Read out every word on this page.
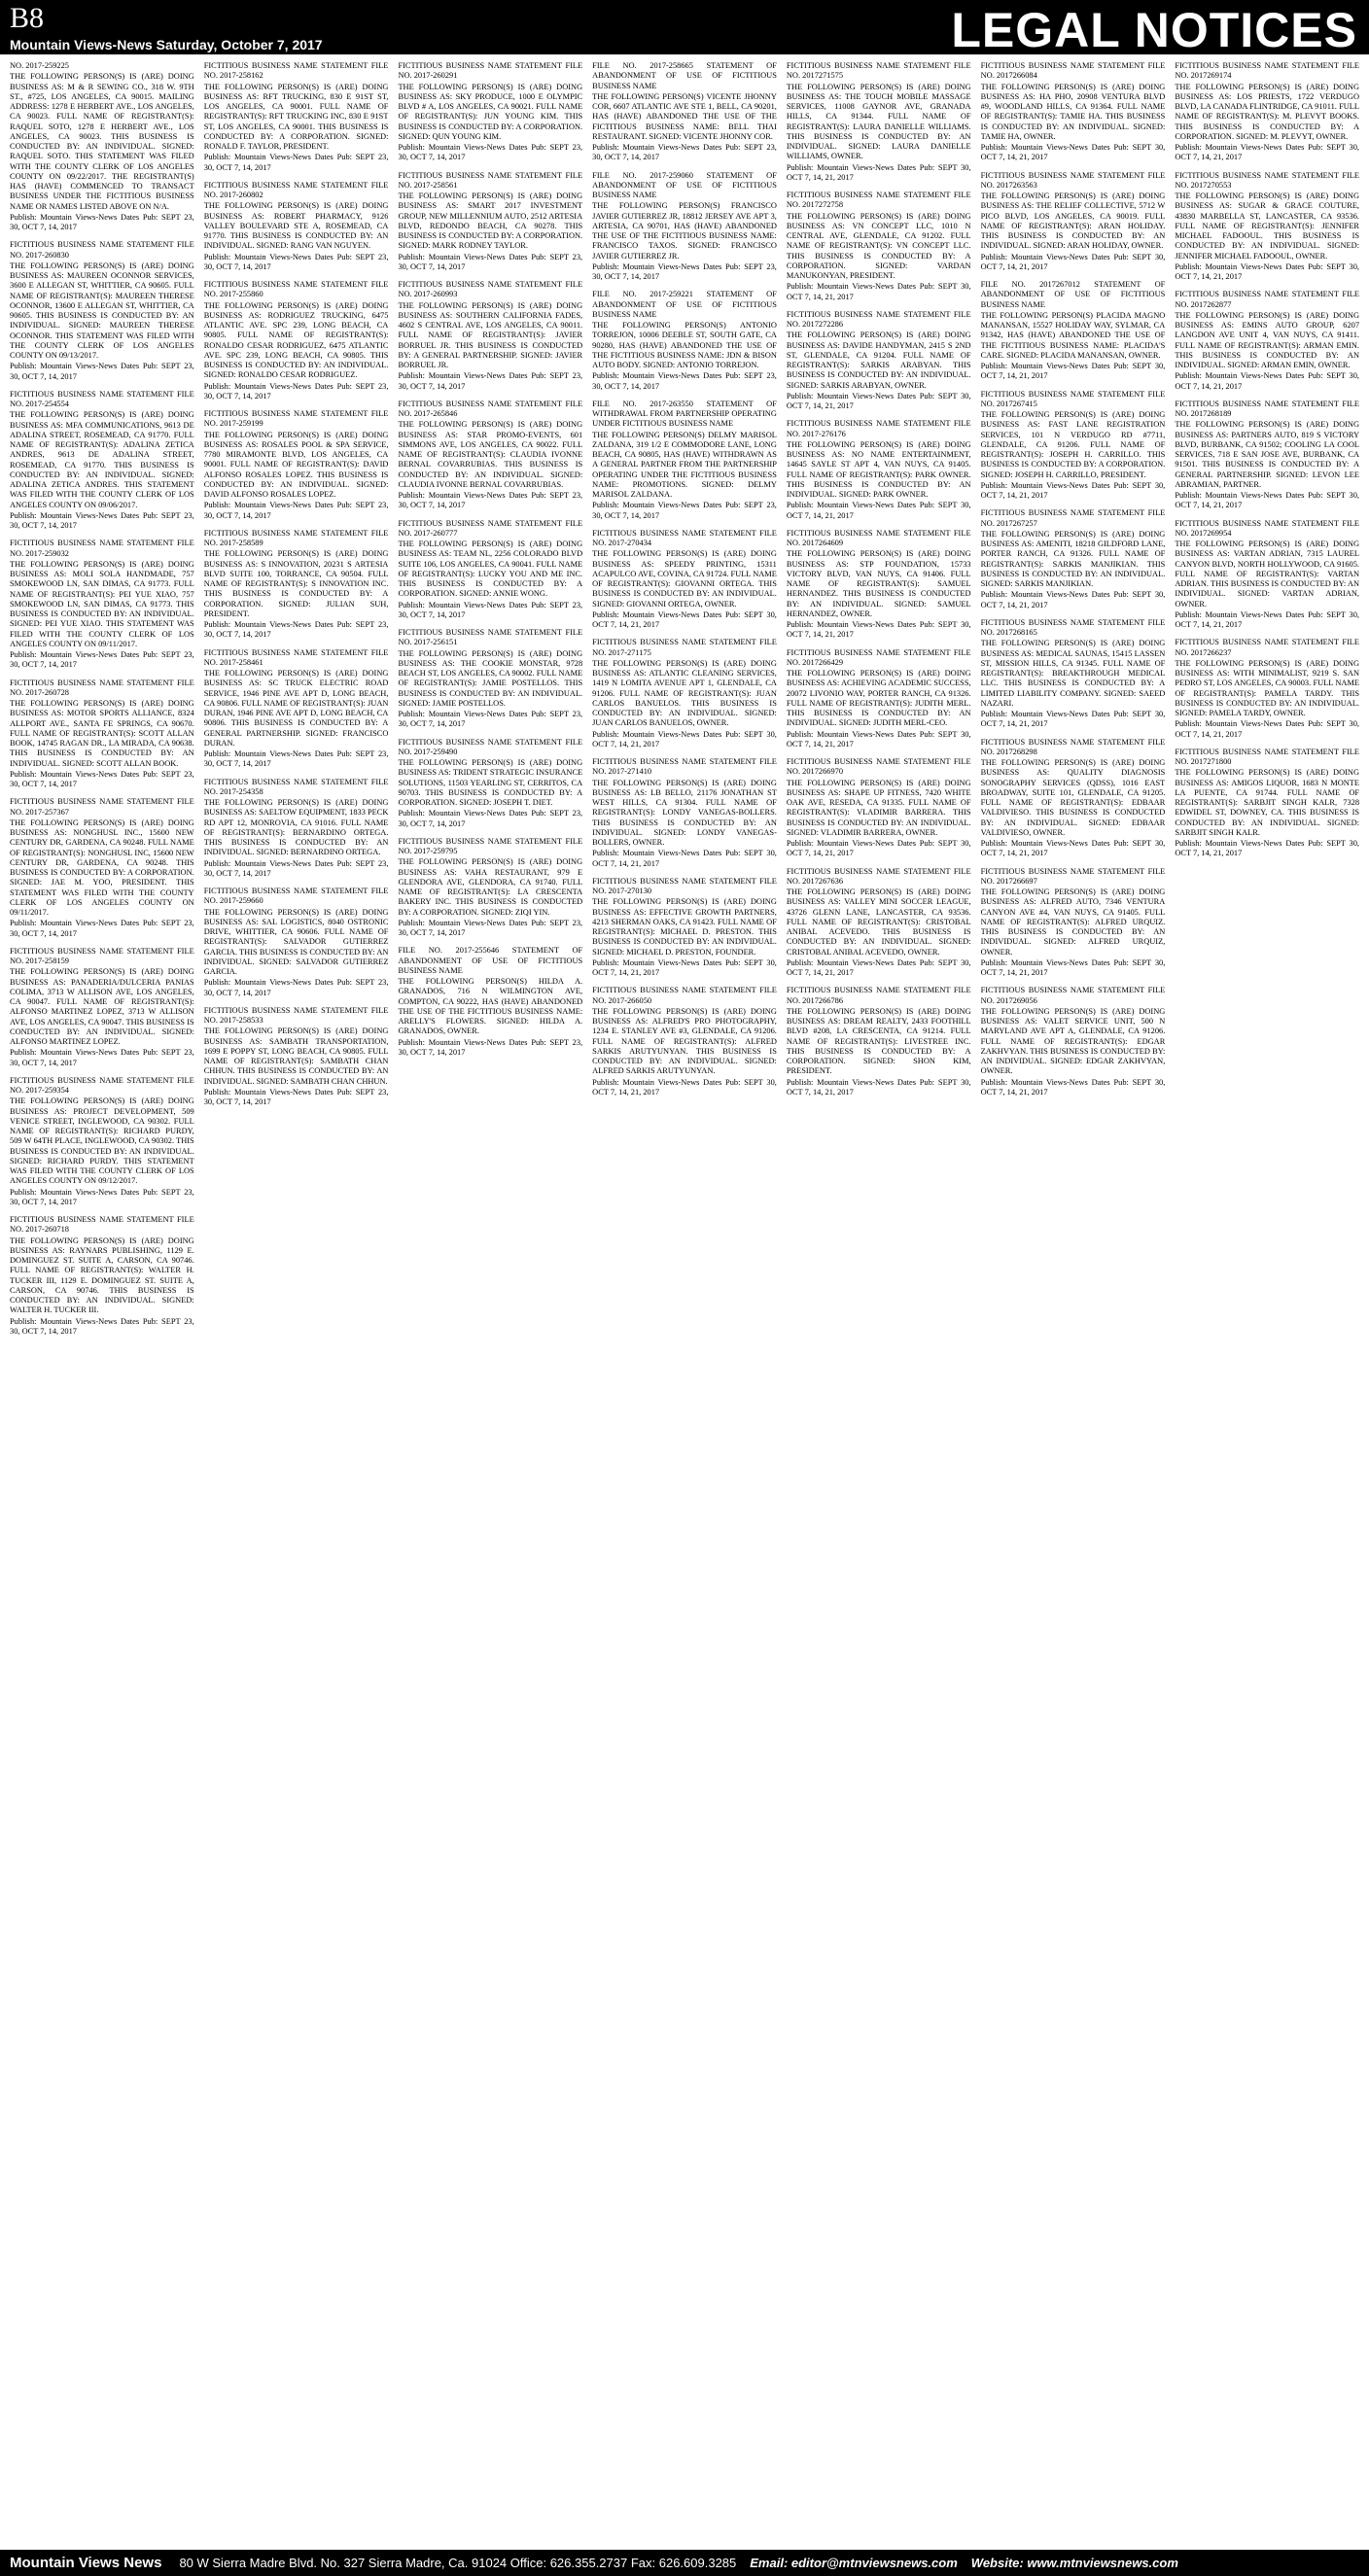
B8
Mountain Views-News Saturday, October 7, 2017	LEGAL NOTICES
NO. 2017-259225
THE FOLLOWING PERSON(S) IS (ARE) DOING BUSINESS AS: M & R SEWING CO., 318 W. 9TH ST., #725, LOS ANGELES, CA 90015. MAILING ADDRESS: 1278 E HERBERT AVE., LOS ANGELES, CA 90023. FULL NAME OF REGISTRANT(S): RAQUEL SOTO, 1278 E HERBERT AVE., LOS ANGELES, CA 90023. THIS BUSINESS IS CONDUCTED BY: AN INDIVIDUAL. SIGNED: RAQUEL SOTO. THIS STATEMENT WAS FILED WITH THE COUNTY CLERK OF LOS ANGELES COUNTY ON 09/22/2017. THE REGISTRANT(S) HAS (HAVE) COMMENCED TO TRANSACT BUSINESS UNDER THE FICTITIOUS BUSINESS NAME OR NAMES LISTED ABOVE ON N/A.
Publish: Mountain Views-News Dates Pub: SEPT 23, 30, OCT 7, 14, 2017
FICTITIOUS BUSINESS NAME STATEMENT FILE NO. 2017-260830
THE FOLLOWING PERSON(S) IS (ARE) DOING BUSINESS AS: MAUREEN OCONNOR SERVICES, 3600 E ALLEGAN ST, WHITTIER, CA 90605. FULL NAME OF REGISTRANT(S): MAUREEN THERESE OCONNOR, 13600 E ALLEGAN ST, WHITTIER, CA 90605. THIS BUSINESS IS CONDUCTED BY: AN INDIVIDUAL. SIGNED: MAUREEN THERESE OCONNOR. THIS STATEMENT WAS FILED WITH THE COUNTY CLERK OF LOS ANGELES COUNTY ON 09/13/2017.
Publish: Mountain Views-News Dates Pub: SEPT 23, 30, OCT 7, 14, 2017
FICTITIOUS BUSINESS NAME STATEMENT FILE NO. 2017-254554
THE FOLLOWING PERSON(S) IS (ARE) DOING BUSINESS AS: MFA COMMUNICATIONS, 9613 DE ADALINA STREET, ROSEMEAD, CA 91770. FULL NAME OF REGISTRANT(S): ADALINA ZETICA ANDRES, 9613 DE ADALINA STREET, ROSEMEAD, CA 91770. THIS BUSINESS IS CONDUCTED BY: AN INDIVIDUAL. SIGNED: ADALINA ZETICA ANDRES. THIS STATEMENT WAS FILED WITH THE COUNTY CLERK OF LOS ANGELES COUNTY ON 09/06/2017.
Publish: Mountain Views-News Dates Pub: SEPT 23, 30, OCT 7, 14, 2017
FICTITIOUS BUSINESS NAME STATEMENT FILE NO. 2017-259032
THE FOLLOWING PERSON(S) IS (ARE) DOING BUSINESS AS: MOLI SOLA HANDMADE, 757 SMOKEWOOD LN, SAN DIMAS, CA 91773. FULL NAME OF REGISTRANT(S): PEI YUE XIAO, 757 SMOKEWOOD LN, SAN DIMAS, CA 91773. THIS BUSINESS IS CONDUCTED BY: AN INDIVIDUAL. SIGNED: PEI YUE XIAO. THIS STATEMENT WAS FILED WITH THE COUNTY CLERK OF LOS ANGELES COUNTY ON 09/11/2017.
Publish: Mountain Views-News Dates Pub: SEPT 23, 30, OCT 7, 14, 2017
FICTITIOUS BUSINESS NAME STATEMENT FILE NO. 2017-260728
THE FOLLOWING PERSON(S) IS (ARE) DOING BUSINESS AS: MOTOR SPORTS ALLIANCE, 8324 ALLPORT AVE., SANTA FE SPRINGS, CA 90670. FULL NAME OF REGISTRANT(S): SCOTT ALLAN BOOK, 14745 RAGAN DR., LA MIRADA, CA 90638. THIS BUSINESS IS CONDUCTED BY: AN INDIVIDUAL. SIGNED: SCOTT ALLAN BOOK.
Publish: Mountain Views-News Dates Pub: SEPT 23, 30, OCT 7, 14, 2017
FICTITIOUS BUSINESS NAME STATEMENT FILE NO. 2017-257367
THE FOLLOWING PERSON(S) IS (ARE) DOING BUSINESS AS: NONGHUSL INC., 15600 NEW CENTURY DR, GARDENA, CA 90248. FULL NAME OF REGISTRANT(S): NONGHUSL INC, 15600 NEW CENTURY DR, GARDENA, CA 90248. THIS BUSINESS IS CONDUCTED BY: A CORPORATION. SIGNED: JAE M. YOO, PRESIDENT. THIS STATEMENT WAS FILED WITH THE COUNTY CLERK OF LOS ANGELES COUNTY ON 09/11/2017.
Publish: Mountain Views-News Dates Pub: SEPT 23, 30, OCT 7, 14, 2017
FICTITIOUS BUSINESS NAME STATEMENT FILE NO. 2017-258159
THE FOLLOWING PERSON(S) IS (ARE) DOING BUSINESS AS: PANADERIA/DULCERIA PANIAS COLIMA, 3713 W ALLISON AVE, LOS ANGELES, CA 90047. FULL NAME OF REGISTRANT(S): ALFONSO MARTINEZ LOPEZ, 3713 W ALLISON AVE, LOS ANGELES, CA 90047. THIS BUSINESS IS CONDUCTED BY: AN INDIVIDUAL. SIGNED: ALFONSO MARTINEZ LOPEZ.
Publish: Mountain Views-News Dates Pub: SEPT 23, 30, OCT 7, 14, 2017
FICTITIOUS BUSINESS NAME STATEMENT FILE NO. 2017-259354
THE FOLLOWING PERSON(S) IS (ARE) DOING BUSINESS AS: PROJECT DEVELOPMENT, 509 VENICE STREET, INGLEWOOD, CA 90302. FULL NAME OF REGISTRANT(S): RICHARD PURDY, 509 W 64TH PLACE, INGLEWOOD, CA 90302. THIS BUSINESS IS CONDUCTED BY: AN INDIVIDUAL. SIGNED: RICHARD PURDY. THIS STATEMENT WAS FILED WITH THE COUNTY CLERK OF LOS ANGELES COUNTY ON 09/12/2017.
Publish: Mountain Views-News Dates Pub: SEPT 23, 30, OCT 7, 14, 2017
FICTITIOUS BUSINESS NAME STATEMENT FILE NO. 2017-260718
THE FOLLOWING PERSON(S) IS (ARE) DOING BUSINESS AS: RAYNARS PUBLISHING, 1129 E. DOMINGUEZ ST. SUITE A, CARSON, CA 90746. FULL NAME OF REGISTRANT(S): WALTER H. TUCKER III, 1129 E. DOMINGUEZ ST. SUITE A, CARSON, CA 90746. THIS BUSINESS IS CONDUCTED BY: AN INDIVIDUAL. SIGNED: WALTER H. TUCKER III.
Publish: Mountain Views-News Dates Pub: SEPT 23, 30, OCT 7, 14, 2017
FICTITIOUS BUSINESS NAME STATEMENT FILE NO. 2017-258162
THE FOLLOWING PERSON(S) IS (ARE) DOING BUSINESS AS: RFT TRUCKING, 830 E 91ST ST, LOS ANGELES, CA 90001. FULL NAME OF REGISTRANT(S): RFT TRUCKING INC, 830 E 91ST ST, LOS ANGELES, CA 90001. THIS BUSINESS IS CONDUCTED BY: A CORPORATION. SIGNED: RONALD F. TAYLOR, PRESIDENT.
Publish: Mountain Views-News Dates Pub: SEPT 23, 30, OCT 7, 14, 2017
FICTITIOUS BUSINESS NAME STATEMENT FILE NO. 2017-260802
THE FOLLOWING PERSON(S) IS (ARE) DOING BUSINESS AS: ROBERT PHARMACY, 9126 VALLEY BOULEVARD STE A, ROSEMEAD, CA 91770. THIS BUSINESS IS CONDUCTED BY: AN INDIVIDUAL. SIGNED: RANG VAN NGUYEN.
Publish: Mountain Views-News Dates Pub: SEPT 23, 30, OCT 7, 14, 2017
FICTITIOUS BUSINESS NAME STATEMENT FILE NO. 2017-255860
THE FOLLOWING PERSON(S) IS (ARE) DOING BUSINESS AS: RODRIGUEZ TRUCKING, 6475 ATLANTIC AVE. SPC 239, LONG BEACH, CA 90805. FULL NAME OF REGISTRANT(S): RONALDO CESAR RODRIGUEZ, 6475 ATLANTIC AVE. SPC 239, LONG BEACH, CA 90805. THIS BUSINESS IS CONDUCTED BY: AN INDIVIDUAL. SIGNED: RONALDO CESAR RODRIGUEZ.
Publish: Mountain Views-News Dates Pub: SEPT 23, 30, OCT 7, 14, 2017
FICTITIOUS BUSINESS NAME STATEMENT FILE NO. 2017-259199
THE FOLLOWING PERSON(S) IS (ARE) DOING BUSINESS AS: ROSALES POOL & SPA SERVICE, 7780 MIRAMONTE BLVD, LOS ANGELES, CA 90001. FULL NAME OF REGISTRANT(S): DAVID ALFONSO ROSALES LOPEZ. THIS BUSINESS IS CONDUCTED BY: AN INDIVIDUAL. SIGNED: DAVID ALFONSO ROSALES LOPEZ.
Publish: Mountain Views-News Dates Pub: SEPT 23, 30, OCT 7, 14, 2017
FICTITIOUS BUSINESS NAME STATEMENT FILE NO. 2017-258589
THE FOLLOWING PERSON(S) IS (ARE) DOING BUSINESS AS: S INNOVATION, 20231 S ARTESIA BLVD SUITE 100, TORRANCE, CA 90504. FULL NAME OF REGISTRANT(S): S INNOVATION INC. THIS BUSINESS IS CONDUCTED BY: A CORPORATION. SIGNED: JULIAN SUH, PRESIDENT.
Publish: Mountain Views-News Dates Pub: SEPT 23, 30, OCT 7, 14, 2017
FICTITIOUS BUSINESS NAME STATEMENT FILE NO. 2017-258461
THE FOLLOWING PERSON(S) IS (ARE) DOING BUSINESS AS: SC TRUCK ELECTRIC ROAD SERVICE, 1946 PINE AVE APT D, LONG BEACH, CA 90806. FULL NAME OF REGISTRANT(S): JUAN DURAN, 1946 PINE AVE APT D, LONG BEACH, CA 90806. THIS BUSINESS IS CONDUCTED BY: A GENERAL PARTNERSHIP. SIGNED: FRANCISCO DURAN.
Publish: Mountain Views-News Dates Pub: SEPT 23, 30, OCT 7, 14, 2017
FICTITIOUS BUSINESS NAME STATEMENT FILE NO. 2017-254358
THE FOLLOWING PERSON(S) IS (ARE) DOING BUSINESS AS: SAELTOW EQUIPMENT, 1833 PECK RD APT 12, MONROVIA, CA 91016. FULL NAME OF REGISTRANT(S): BERNARDINO ORTEGA. THIS BUSINESS IS CONDUCTED BY: AN INDIVIDUAL. SIGNED: BERNARDINO ORTEGA.
Publish: Mountain Views-News Dates Pub: SEPT 23, 30, OCT 7, 14, 2017
FICTITIOUS BUSINESS NAME STATEMENT FILE NO. 2017-259660
THE FOLLOWING PERSON(S) IS (ARE) DOING BUSINESS AS: SAL LOGISTICS, 8040 OSTRONIC DRIVE, WHITTIER, CA 90606. FULL NAME OF REGISTRANT(S): SALVADOR GUTIERREZ GARCIA. THIS BUSINESS IS CONDUCTED BY: AN INDIVIDUAL. SIGNED: SALVADOR GUTIERREZ GARCIA.
Publish: Mountain Views-News Dates Pub: SEPT 23, 30, OCT 7, 14, 2017
FICTITIOUS BUSINESS NAME STATEMENT FILE NO. 2017-258533
THE FOLLOWING PERSON(S) IS (ARE) DOING BUSINESS AS: SAMBATH TRANSPORTATION, 1699 E POPPY ST, LONG BEACH, CA 90805. FULL NAME OF REGISTRANT(S): SAMBATH CHAN CHHUN. THIS BUSINESS IS CONDUCTED BY: AN INDIVIDUAL. SIGNED: SAMBATH CHAN CHHUN.
Publish: Mountain Views-News Dates Pub: SEPT 23, 30, OCT 7, 14, 2017
FICTITIOUS BUSINESS NAME STATEMENT FILE NO. 2017-260291
THE FOLLOWING PERSON(S) IS (ARE) DOING BUSINESS AS: SKY PRODUCE, 1000 E OLYMPIC BLVD # A, LOS ANGELES, CA 90021. FULL NAME OF REGISTRANT(S): JUN YOUNG KIM. THIS BUSINESS IS CONDUCTED BY: A CORPORATION. SIGNED: QUN YOUNG KIM.
Publish: Mountain Views-News Dates Pub: SEPT 23, 30, OCT 7, 14, 2017
FICTITIOUS BUSINESS NAME STATEMENT FILE NO. 2017-258561
THE FOLLOWING PERSON(S) IS (ARE) DOING BUSINESS AS: SMART 2017 INVESTMENT GROUP, NEW MILLENNIUM AUTO, 2512 ARTESIA BLVD, REDONDO BEACH, CA 90278. THIS BUSINESS IS CONDUCTED BY: A CORPORATION. SIGNED: MARK RODNEY TAYLOR.
Publish: Mountain Views-News Dates Pub: SEPT 23, 30, OCT 7, 14, 2017
FICTITIOUS BUSINESS NAME STATEMENT FILE NO. 2017-260993
THE FOLLOWING PERSON(S) IS (ARE) DOING BUSINESS AS: SOUTHERN CALIFORNIA FADES, 4602 S CENTRAL AVE, LOS ANGELES, CA 90011. FULL NAME OF REGISTRANT(S): JAVIER BORRUEL JR. THIS BUSINESS IS CONDUCTED BY: A GENERAL PARTNERSHIP. SIGNED: JAVIER BORRUEL JR.
Publish: Mountain Views-News Dates Pub: SEPT 23, 30, OCT 7, 14, 2017
FICTITIOUS BUSINESS NAME STATEMENT FILE NO. 2017-265846
THE FOLLOWING PERSON(S) IS (ARE) DOING BUSINESS AS: STAR PROMO-EVENTS, 601 SIMMONS AVE, LOS ANGELES, CA 90022. FULL NAME OF REGISTRANT(S): CLAUDIA IVONNE BERNAL COVARRUBIAS. THIS BUSINESS IS CONDUCTED BY: AN INDIVIDUAL. SIGNED: CLAUDIA IVONNE BERNAL COVARRUBIAS.
Publish: Mountain Views-News Dates Pub: SEPT 23, 30, OCT 7, 14, 2017
FICTITIOUS BUSINESS NAME STATEMENT FILE NO. 2017-260777
THE FOLLOWING PERSON(S) IS (ARE) DOING BUSINESS AS: TEAM NL, 2256 COLORADO BLVD SUITE 106, LOS ANGELES, CA 90041. FULL NAME OF REGISTRANT(S): LUCKY YOU AND ME INC. THIS BUSINESS IS CONDUCTED BY: A CORPORATION. SIGNED: ANNIE WONG.
Publish: Mountain Views-News Dates Pub: SEPT 23, 30, OCT 7, 14, 2017
FICTITIOUS BUSINESS NAME STATEMENT FILE NO. 2017-256151
THE FOLLOWING PERSON(S) IS (ARE) DOING BUSINESS AS: THE COOKIE MONSTAR, 9728 BEACH ST, LOS ANGELES, CA 90002. FULL NAME OF REGISTRANT(S): JAMIE POSTELLOS. THIS BUSINESS IS CONDUCTED BY: AN INDIVIDUAL. SIGNED: JAMIE POSTELLOS.
Publish: Mountain Views-News Dates Pub: SEPT 23, 30, OCT 7, 14, 2017
FICTITIOUS BUSINESS NAME STATEMENT FILE NO. 2017-259490
THE FOLLOWING PERSON(S) IS (ARE) DOING BUSINESS AS: TRIDENT STRATEGIC INSURANCE SOLUTIONS, 11503 YEARLING ST, CERRITOS, CA 90703. THIS BUSINESS IS CONDUCTED BY: A CORPORATION. SIGNED: JOSEPH T. DIET.
Publish: Mountain Views-News Dates Pub: SEPT 23, 30, OCT 7, 14, 2017
FICTITIOUS BUSINESS NAME STATEMENT FILE NO. 2017-259795
THE FOLLOWING PERSON(S) IS (ARE) DOING BUSINESS AS: VAHA RESTAURANT, 979 E GLENDORA AVE, GLENDORA, CA 91740. FULL NAME OF REGISTRANT(S): LA CRESCENTA BAKERY INC. THIS BUSINESS IS CONDUCTED BY: A CORPORATION. SIGNED: ZIQI YIN.
Publish: Mountain Views-News Dates Pub: SEPT 23, 30, OCT 7, 14, 2017
FILE NO. 2017-255646 STATEMENT OF ABANDONMENT OF USE OF FICTITIOUS BUSINESS NAME
THE FOLLOWING PERSON(S) HILDA A. GRANADOS, 716 N WILMINGTON AVE, COMPTON, CA 90222, HAS (HAVE) ABANDONED THE USE OF THE FICTITIOUS BUSINESS NAME: ARELLY'S FLOWERS. SIGNED: HILDA A. GRANADOS, OWNER.
Publish: Mountain Views-News Dates Pub: SEPT 23, 30, OCT 7, 14, 2017
FILE NO. 2017-258665 STATEMENT OF ABANDONMENT OF USE OF FICTITIOUS BUSINESS NAME
THE FOLLOWING PERSON(S) VICENTE JHONNY COR, 6607 ATLANTIC AVE STE 1, BELL, CA 90201, HAS (HAVE) ABANDONED THE USE OF THE FICTITIOUS BUSINESS NAME: BELL THAI RESTAURANT. SIGNED: VICENTE JHONNY COR.
Publish: Mountain Views-News Dates Pub: SEPT 23, 30, OCT 7, 14, 2017
FILE NO. 2017-259060 STATEMENT OF ABANDONMENT OF USE OF FICTITIOUS BUSINESS NAME
THE FOLLOWING PERSON(S) FRANCISCO JAVIER GUTIERREZ JR, 18812 JERSEY AVE APT 3, ARTESIA, CA 90701, HAS (HAVE) ABANDONED THE USE OF THE FICTITIOUS BUSINESS NAME: FRANCISCO TAXOS. SIGNED: FRANCISCO JAVIER GUTIERREZ JR.
Publish: Mountain Views-News Dates Pub: SEPT 23, 30, OCT 7, 14, 2017
FILE NO. 2017-259221 STATEMENT OF ABANDONMENT OF USE OF FICTITIOUS BUSINESS NAME
THE FOLLOWING PERSON(S) ANTONIO TORREJON, 10006 DEEBLE ST, SOUTH GATE, CA 90280, HAS (HAVE) ABANDONED THE USE OF THE FICTITIOUS BUSINESS NAME: JDN & BISON AUTO BODY. SIGNED: ANTONIO TORREJON.
Publish: Mountain Views-News Dates Pub: SEPT 23, 30, OCT 7, 14, 2017
FILE NO. 2017-263550 STATEMENT OF WITHDRAWAL FROM PARTNERSHIP OPERATING UNDER FICTITIOUS BUSINESS NAME
THE FOLLOWING PERSON(S) DELMY MARISOL ZALDANA, 319 1/2 E COMMODORE LANE, LONG BEACH, CA 90805, HAS (HAVE) WITHDRAWN AS A GENERAL PARTNER FROM THE PARTNERSHIP OPERATING UNDER THE FICTITIOUS BUSINESS NAME: PROMOTIONS. SIGNED: DELMY MARISOL ZALDANA.
Publish: Mountain Views-News Dates Pub: SEPT 23, 30, OCT 7, 14, 2017
FICTITIOUS BUSINESS NAME STATEMENT FILE NO. 2017-270434
THE FOLLOWING PERSON(S) IS (ARE) DOING BUSINESS AS: SPEEDY PRINTING, 15311 ACAPULCO AVE, COVINA, CA 91724. FULL NAME OF REGISTRANT(S): GIOVANNI ORTEGA. THIS BUSINESS IS CONDUCTED BY: AN INDIVIDUAL. SIGNED: GIOVANNI ORTEGA, OWNER.
Publish: Mountain Views-News Dates Pub: SEPT 30, OCT 7, 14, 21, 2017
FICTITIOUS BUSINESS NAME STATEMENT FILE NO. 2017-271175
THE FOLLOWING PERSON(S) IS (ARE) DOING BUSINESS AS: ATLANTIC CLEANING SERVICES, 1419 N LOMITA AVENUE APT 1, GLENDALE, CA 91206. FULL NAME OF REGISTRANT(S): JUAN CARLOS BANUELOS. THIS BUSINESS IS CONDUCTED BY: AN INDIVIDUAL. SIGNED: JUAN CARLOS BANUELOS, OWNER.
Publish: Mountain Views-News Dates Pub: SEPT 30, OCT 7, 14, 21, 2017
FICTITIOUS BUSINESS NAME STATEMENT FILE NO. 2017-271410
THE FOLLOWING PERSON(S) IS (ARE) DOING BUSINESS AS: LB BELLO, 21176 JONATHAN ST WEST HILLS, CA 91304. FULL NAME OF REGISTRANT(S): LONDY VANEGAS-BOLLERS. THIS BUSINESS IS CONDUCTED BY: AN INDIVIDUAL. SIGNED: LONDY VANEGAS-BOLLERS, OWNER.
Publish: Mountain Views-News Dates Pub: SEPT 30, OCT 7, 14, 21, 2017
FICTITIOUS BUSINESS NAME STATEMENT FILE NO. 2017-270130
THE FOLLOWING PERSON(S) IS (ARE) DOING BUSINESS AS: EFFECTIVE GROWTH PARTNERS, 4213 SHERMAN OAKS, CA 91423. FULL NAME OF REGISTRANT(S): MICHAEL D. PRESTON. THIS BUSINESS IS CONDUCTED BY: AN INDIVIDUAL. SIGNED: MICHAEL D. PRESTON, FOUNDER.
Publish: Mountain Views-News Dates Pub: SEPT 30, OCT 7, 14, 21, 2017
FICTITIOUS BUSINESS NAME STATEMENT FILE NO. 2017-266050
THE FOLLOWING PERSON(S) IS (ARE) DOING BUSINESS AS: ALFRED'S PRO PHOTOGRAPHY, 1234 E. STANLEY AVE #3, GLENDALE, CA 91206. FULL NAME OF REGISTRANT(S): ALFRED SARKIS ARUTYUNYAN. THIS BUSINESS IS CONDUCTED BY: AN INDIVIDUAL. SIGNED: ALFRED SARKIS ARUTYUNYAN.
Publish: Mountain Views-News Dates Pub: SEPT 30, OCT 7, 14, 21, 2017
FICTITIOUS BUSINESS NAME STATEMENT FILE NO. 2017271575
THE FOLLOWING PERSON(S) IS (ARE) DOING BUSINESS AS: THE TOUCH MOBILE MASSAGE SERVICES, 11008 GAYNOR AVE, GRANADA HILLS, CA 91344. FULL NAME OF REGISTRANT(S): LAURA DANIELLE WILLIAMS. THIS BUSINESS IS CONDUCTED BY: AN INDIVIDUAL. SIGNED: LAURA DANIELLE WILLIAMS, OWNER.
Publish: Mountain Views-News Dates Pub: SEPT 30, OCT 7, 14, 21, 2017
FICTITIOUS BUSINESS NAME STATEMENT FILE NO. 2017272758
THE FOLLOWING PERSON(S) IS (ARE) DOING BUSINESS AS: VN CONCEPT LLC, 1010 N CENTRAL AVE, GLENDALE, CA 91202. FULL NAME OF REGISTRANT(S): VN CONCEPT LLC. THIS BUSINESS IS CONDUCTED BY: A CORPORATION. SIGNED: VARDAN MANUKONYAN, PRESIDENT.
Publish: Mountain Views-News Dates Pub: SEPT 30, OCT 7, 14, 21, 2017
FICTITIOUS BUSINESS NAME STATEMENT FILE NO. 2017272286
THE FOLLOWING PERSON(S) IS (ARE) DOING BUSINESS AS: DAVIDE HANDYMAN, 2415 S 2ND ST, GLENDALE, CA 91204. FULL NAME OF REGISTRANT(S): SARKIS ARABYAN. THIS BUSINESS IS CONDUCTED BY: AN INDIVIDUAL. SIGNED: SARKIS ARABYAN, OWNER.
Publish: Mountain Views-News Dates Pub: SEPT 30, OCT 7, 14, 21, 2017
FICTITIOUS BUSINESS NAME STATEMENT FILE NO. 2017-276176
THE FOLLOWING PERSON(S) IS (ARE) DOING BUSINESS AS: NO NAME ENTERTAINMENT, 14645 SAYLE ST APT 4, VAN NUYS, CA 91405. FULL NAME OF REGISTRANT(S): PARK OWNER. THIS BUSINESS IS CONDUCTED BY: AN INDIVIDUAL. SIGNED: PARK OWNER.
Publish: Mountain Views-News Dates Pub: SEPT 30, OCT 7, 14, 21, 2017
FICTITIOUS BUSINESS NAME STATEMENT FILE NO. 2017264609
THE FOLLOWING PERSON(S) IS (ARE) DOING BUSINESS AS: STP FOUNDATION, 15733 VICTORY BLVD, VAN NUYS, CA 91406. FULL NAME OF REGISTRANT(S): SAMUEL HERNANDEZ. THIS BUSINESS IS CONDUCTED BY: AN INDIVIDUAL. SIGNED: SAMUEL HERNANDEZ, OWNER.
Publish: Mountain Views-News Dates Pub: SEPT 30, OCT 7, 14, 21, 2017
FICTITIOUS BUSINESS NAME STATEMENT FILE NO. 2017266429
THE FOLLOWING PERSON(S) IS (ARE) DOING BUSINESS AS: ACHIEVING ACADEMIC SUCCESS, 20072 LIVONIO WAY, PORTER RANCH, CA 91326. FULL NAME OF REGISTRANT(S): JUDITH MERL. THIS BUSINESS IS CONDUCTED BY: AN INDIVIDUAL. SIGNED: JUDITH MERL-CEO.
Publish: Mountain Views-News Dates Pub: SEPT 30, OCT 7, 14, 21, 2017
FICTITIOUS BUSINESS NAME STATEMENT FILE NO. 2017266970
THE FOLLOWING PERSON(S) IS (ARE) DOING BUSINESS AS: SHAPE UP FITNESS, 7420 WHITE OAK AVE, RESEDA, CA 91335. FULL NAME OF REGISTRANT(S): VLADIMIR BARRERA. THIS BUSINESS IS CONDUCTED BY: AN INDIVIDUAL. SIGNED: VLADIMIR BARRERA, OWNER.
Publish: Mountain Views-News Dates Pub: SEPT 30, OCT 7, 14, 21, 2017
FICTITIOUS BUSINESS NAME STATEMENT FILE NO. 2017267636
THE FOLLOWING PERSON(S) IS (ARE) DOING BUSINESS AS: VALLEY MINI SOCCER LEAGUE, 43726 GLENN LANE, LANCASTER, CA 93536. FULL NAME OF REGISTRANT(S): CRISTOBAL ANIBAL ACEVEDO. THIS BUSINESS IS CONDUCTED BY: AN INDIVIDUAL. SIGNED: CRISTOBAL ANIBAL ACEVEDO, OWNER.
Publish: Mountain Views-News Dates Pub: SEPT 30, OCT 7, 14, 21, 2017
FICTITIOUS BUSINESS NAME STATEMENT FILE NO. 2017266786
THE FOLLOWING PERSON(S) IS (ARE) DOING BUSINESS AS: DREAM REALTY, 2433 FOOTHILL BLVD #208, LA CRESCENTA, CA 91214. FULL NAME OF REGISTRANT(S): LIVESTREE INC. THIS BUSINESS IS CONDUCTED BY: A CORPORATION. SIGNED: SHON KIM, PRESIDENT.
Publish: Mountain Views-News Dates Pub: SEPT 30, OCT 7, 14, 21, 2017
FICTITIOUS BUSINESS NAME STATEMENT FILE NO. 2017266084
THE FOLLOWING PERSON(S) IS (ARE) DOING BUSINESS AS: HA PHO, 20908 VENTURA BLVD #9, WOODLAND HILLS, CA 91364. FULL NAME OF REGISTRANT(S): TAMIE HA. THIS BUSINESS IS CONDUCTED BY: AN INDIVIDUAL. SIGNED: TAMIE HA, OWNER.
Publish: Mountain Views-News Dates Pub: SEPT 30, OCT 7, 14, 21, 2017
FICTITIOUS BUSINESS NAME STATEMENT FILE NO. 2017263563
THE FOLLOWING PERSON(S) IS (ARE) DOING BUSINESS AS: THE RELIEF COLLECTIVE, 5712 W PICO BLVD, LOS ANGELES, CA 90019. FULL NAME OF REGISTRANT(S): ARAN HOLIDAY. THIS BUSINESS IS CONDUCTED BY: AN INDIVIDUAL. SIGNED: ARAN HOLIDAY, OWNER.
Publish: Mountain Views-News Dates Pub: SEPT 30, OCT 7, 14, 21, 2017
FILE NO. 2017267012 STATEMENT OF ABANDONMENT OF USE OF FICTITIOUS BUSINESS NAME
THE FOLLOWING PERSON(S) PLACIDA MAGNO MANANSAN, 15527 HOLIDAY WAY, SYLMAR, CA 91342, HAS (HAVE) ABANDONED THE USE OF THE FICTITIOUS BUSINESS NAME: PLACIDA'S CARE. SIGNED: PLACIDA MANANSAN, OWNER.
Publish: Mountain Views-News Dates Pub: SEPT 30, OCT 7, 14, 21, 2017
FICTITIOUS BUSINESS NAME STATEMENT FILE NO. 2017267415
THE FOLLOWING PERSON(S) IS (ARE) DOING BUSINESS AS: FAST LANE REGISTRATION SERVICES, 101 N VERDUGO RD #7711, GLENDALE, CA 91206. FULL NAME OF REGISTRANT(S): JOSEPH H. CARRILLO. THIS BUSINESS IS CONDUCTED BY: A CORPORATION. SIGNED: JOSEPH H. CARRILLO, PRESIDENT.
Publish: Mountain Views-News Dates Pub: SEPT 30, OCT 7, 14, 21, 2017
FICTITIOUS BUSINESS NAME STATEMENT FILE NO. 2017267257
THE FOLLOWING PERSON(S) IS (ARE) DOING BUSINESS AS: AMENITI, 18218 GILDFORD LANE, PORTER RANCH, CA 91326. FULL NAME OF REGISTRANT(S): SARKIS MANJIKIAN. THIS BUSINESS IS CONDUCTED BY: AN INDIVIDUAL. SIGNED: SARKIS MANJIKIAN.
Publish: Mountain Views-News Dates Pub: SEPT 30, OCT 7, 14, 21, 2017
FICTITIOUS BUSINESS NAME STATEMENT FILE NO. 2017268165
THE FOLLOWING PERSON(S) IS (ARE) DOING BUSINESS AS: MEDICAL SAUNAS, 15415 LASSEN ST, MISSION HILLS, CA 91345. FULL NAME OF REGISTRANT(S): BREAKTHROUGH MEDICAL LLC. THIS BUSINESS IS CONDUCTED BY: A LIMITED LIABILITY COMPANY. SIGNED: SAEED NAZARI.
Publish: Mountain Views-News Dates Pub: SEPT 30, OCT 7, 14, 21, 2017
FICTITIOUS BUSINESS NAME STATEMENT FILE NO. 2017268298
THE FOLLOWING PERSON(S) IS (ARE) DOING BUSINESS AS: QUALITY DIAGNOSIS SONOGRAPHY SERVICES (QDSS), 1016 EAST BROADWAY, SUITE 101, GLENDALE, CA 91205. FULL NAME OF REGISTRANT(S): EDBAAR VALDIVIESO. THIS BUSINESS IS CONDUCTED BY: AN INDIVIDUAL. SIGNED: EDBAAR VALDIVIESO, OWNER.
Publish: Mountain Views-News Dates Pub: SEPT 30, OCT 7, 14, 21, 2017
FICTITIOUS BUSINESS NAME STATEMENT FILE NO. 2017266697
THE FOLLOWING PERSON(S) IS (ARE) DOING BUSINESS AS: ALFRED AUTO, 7346 VENTURA CANYON AVE #4, VAN NUYS, CA 91405. FULL NAME OF REGISTRANT(S): ALFRED URQUIZ. THIS BUSINESS IS CONDUCTED BY: AN INDIVIDUAL. SIGNED: ALFRED URQUIZ, OWNER.
Publish: Mountain Views-News Dates Pub: SEPT 30, OCT 7, 14, 21, 2017
FICTITIOUS BUSINESS NAME STATEMENT FILE NO. 2017269056
THE FOLLOWING PERSON(S) IS (ARE) DOING BUSINESS AS: VALET SERVICE UNIT, 500 N MARYLAND AVE APT A, GLENDALE, CA 91206. FULL NAME OF REGISTRANT(S): EDGAR ZAKHVYAN. THIS BUSINESS IS CONDUCTED BY: AN INDIVIDUAL. SIGNED: EDGAR ZAKHVYAN, OWNER.
Publish: Mountain Views-News Dates Pub: SEPT 30, OCT 7, 14, 21, 2017
FICTITIOUS BUSINESS NAME STATEMENT FILE NO. 2017269174
THE FOLLOWING PERSON(S) IS (ARE) DOING BUSINESS AS: LOS PRIESTS, 1722 VERDUGO BLVD, LA CANADA FLINTRIDGE, CA 91011. FULL NAME OF REGISTRANT(S): M. PLEVYT BOOKS. THIS BUSINESS IS CONDUCTED BY: A CORPORATION. SIGNED: M. PLEVYT, OWNER.
Publish: Mountain Views-News Dates Pub: SEPT 30, OCT 7, 14, 21, 2017
FICTITIOUS BUSINESS NAME STATEMENT FILE NO. 2017270553
THE FOLLOWING PERSON(S) IS (ARE) DOING BUSINESS AS: SUGAR & GRACE COUTURE, 43830 MARBELLA ST, LANCASTER, CA 93536. FULL NAME OF REGISTRANT(S): JENNIFER MICHAEL FADOOUL. THIS BUSINESS IS CONDUCTED BY: AN INDIVIDUAL. SIGNED: JENNIFER MICHAEL FADOOUL, OWNER.
Publish: Mountain Views-News Dates Pub: SEPT 30, OCT 7, 14, 21, 2017
FICTITIOUS BUSINESS NAME STATEMENT FILE NO. 2017262877
THE FOLLOWING PERSON(S) IS (ARE) DOING BUSINESS AS: EMINS AUTO GROUP, 6207 LANGDON AVE UNIT 4, VAN NUYS, CA 91411. FULL NAME OF REGISTRANT(S): ARMAN EMIN. THIS BUSINESS IS CONDUCTED BY: AN INDIVIDUAL. SIGNED: ARMAN EMIN, OWNER.
Publish: Mountain Views-News Dates Pub: SEPT 30, OCT 7, 14, 21, 2017
FICTITIOUS BUSINESS NAME STATEMENT FILE NO. 2017268189
THE FOLLOWING PERSON(S) IS (ARE) DOING BUSINESS AS: PARTNERS AUTO, 819 S VICTORY BLVD, BURBANK, CA 91502; COOLING LA COOL SERVICES, 718 E SAN JOSE AVE, BURBANK, CA 91501. THIS BUSINESS IS CONDUCTED BY: A GENERAL PARTNERSHIP. SIGNED: LEVON LEE ABRAMIAN, PARTNER.
Publish: Mountain Views-News Dates Pub: SEPT 30, OCT 7, 14, 21, 2017
FICTITIOUS BUSINESS NAME STATEMENT FILE NO. 2017269954
THE FOLLOWING PERSON(S) IS (ARE) DOING BUSINESS AS: VARTAN ADRIAN, 7315 LAUREL CANYON BLVD, NORTH HOLLYWOOD, CA 91605. FULL NAME OF REGISTRANT(S): VARTAN ADRIAN. THIS BUSINESS IS CONDUCTED BY: AN INDIVIDUAL. SIGNED: VARTAN ADRIAN, OWNER.
Publish: Mountain Views-News Dates Pub: SEPT 30, OCT 7, 14, 21, 2017
FICTITIOUS BUSINESS NAME STATEMENT FILE NO. 2017266237
THE FOLLOWING PERSON(S) IS (ARE) DOING BUSINESS AS: WITH MINIMALIST, 9219 S. SAN PEDRO ST, LOS ANGELES, CA 90003. FULL NAME OF REGISTRANT(S): PAMELA TARDY. THIS BUSINESS IS CONDUCTED BY: AN INDIVIDUAL. SIGNED: PAMELA TARDY, OWNER.
Publish: Mountain Views-News Dates Pub: SEPT 30, OCT 7, 14, 21, 2017
FICTITIOUS BUSINESS NAME STATEMENT FILE NO. 2017271800
THE FOLLOWING PERSON(S) IS (ARE) DOING BUSINESS AS: AMIGOS LIQUOR, 1683 N MONTE LA PUENTE, CA 91744. FULL NAME OF REGISTRANT(S): SARBJIT SINGH KALR, 7328 EDWIDEL ST, DOWNEY, CA. THIS BUSINESS IS CONDUCTED BY: AN INDIVIDUAL. SIGNED: SARBJIT SINGH KALR.
Publish: Mountain Views-News Dates Pub: SEPT 30, OCT 7, 14, 21, 2017
Mountain Views News 80 W Sierra Madre Blvd. No. 327 Sierra Madre, Ca. 91024 Office: 626.355.2737 Fax: 626.609.3285 Email: editor@mtnviewsnews.com Website: www.mtnviewsnews.com
